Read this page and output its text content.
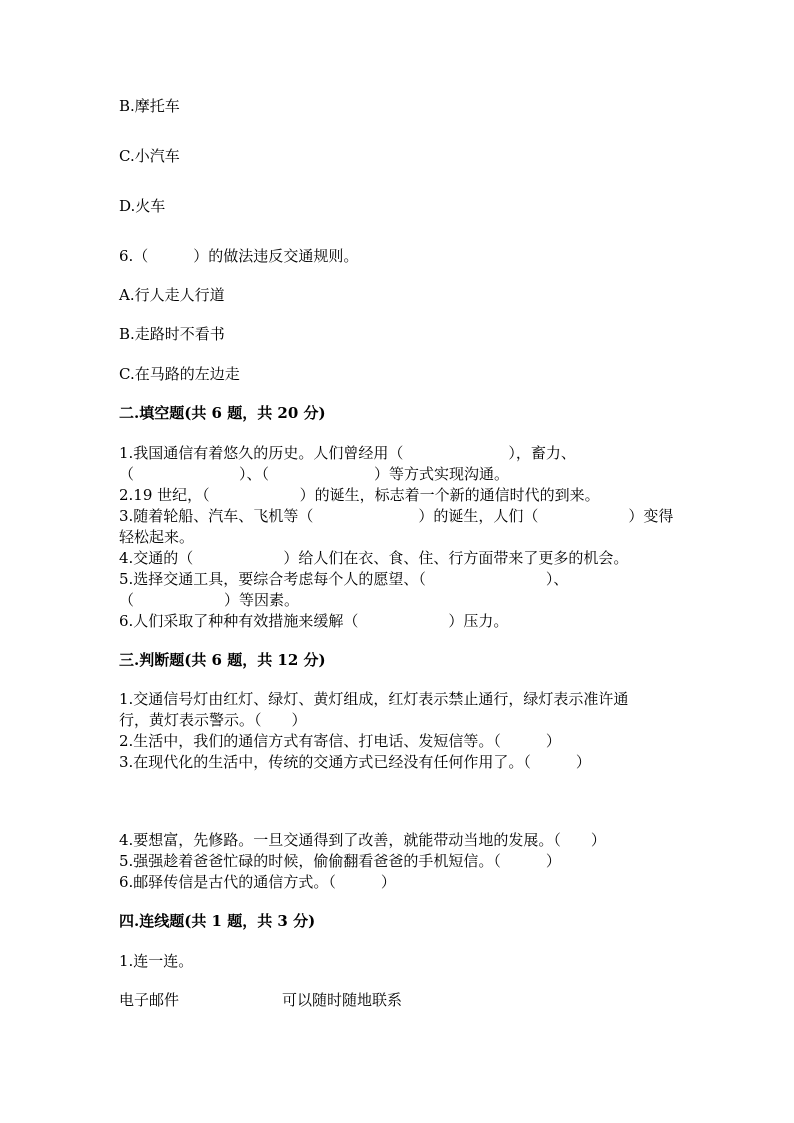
B.摩托车
C.小汽车
D.火车
6.（　　　）的做法违反交通规则。
A.行人走人行道
B.走路时不看书
C.在马路的左边走
二.填空题(共 6 题，共 20 分)
1.我国通信有着悠久的历史。人们曾经用（　　　　　　　），畜力、
（　　　　　　　）、（　　　　　　　）等方式实现沟通。
2.19 世纪，（　　　　　　）的诞生，标志着一个新的通信时代的到来。
3.随着轮船、汽车、飞机等（　　　　　　　）的诞生，人们（　　　　　　）变得
轻松起来。
4.交通的（　　　　　　）给人们在衣、食、住、行方面带来了更多的机会。
5.选择交通工具，要综合考虑每个人的愿望、（　　　　　　　　）、
（　　　　　　）等因素。
6.人们采取了种种有效措施来缓解（　　　　　　）压力。
三.判断题(共 6 题，共 12 分)
1.交通信号灯由红灯、绿灯、黄灯组成，红灯表示禁止通行，绿灯表示准许通
行，黄灯表示警示。（　　）
2.生活中，我们的通信方式有寄信、打电话、发短信等。（　　　）
3.在现代化的生活中，传统的交通方式已经没有任何作用了。（　　　）
4.要想富，先修路。一旦交通得到了改善，就能带动当地的发展。（　　）
5.强强趁着爸爸忙碌的时候，偷偷翻看爸爸的手机短信。（　　　）
6.邮驿传信是古代的通信方式。（　　　）
四.连线题(共 1 题，共 3 分)
1.连一连。
电子邮件	可以随时随地联系
